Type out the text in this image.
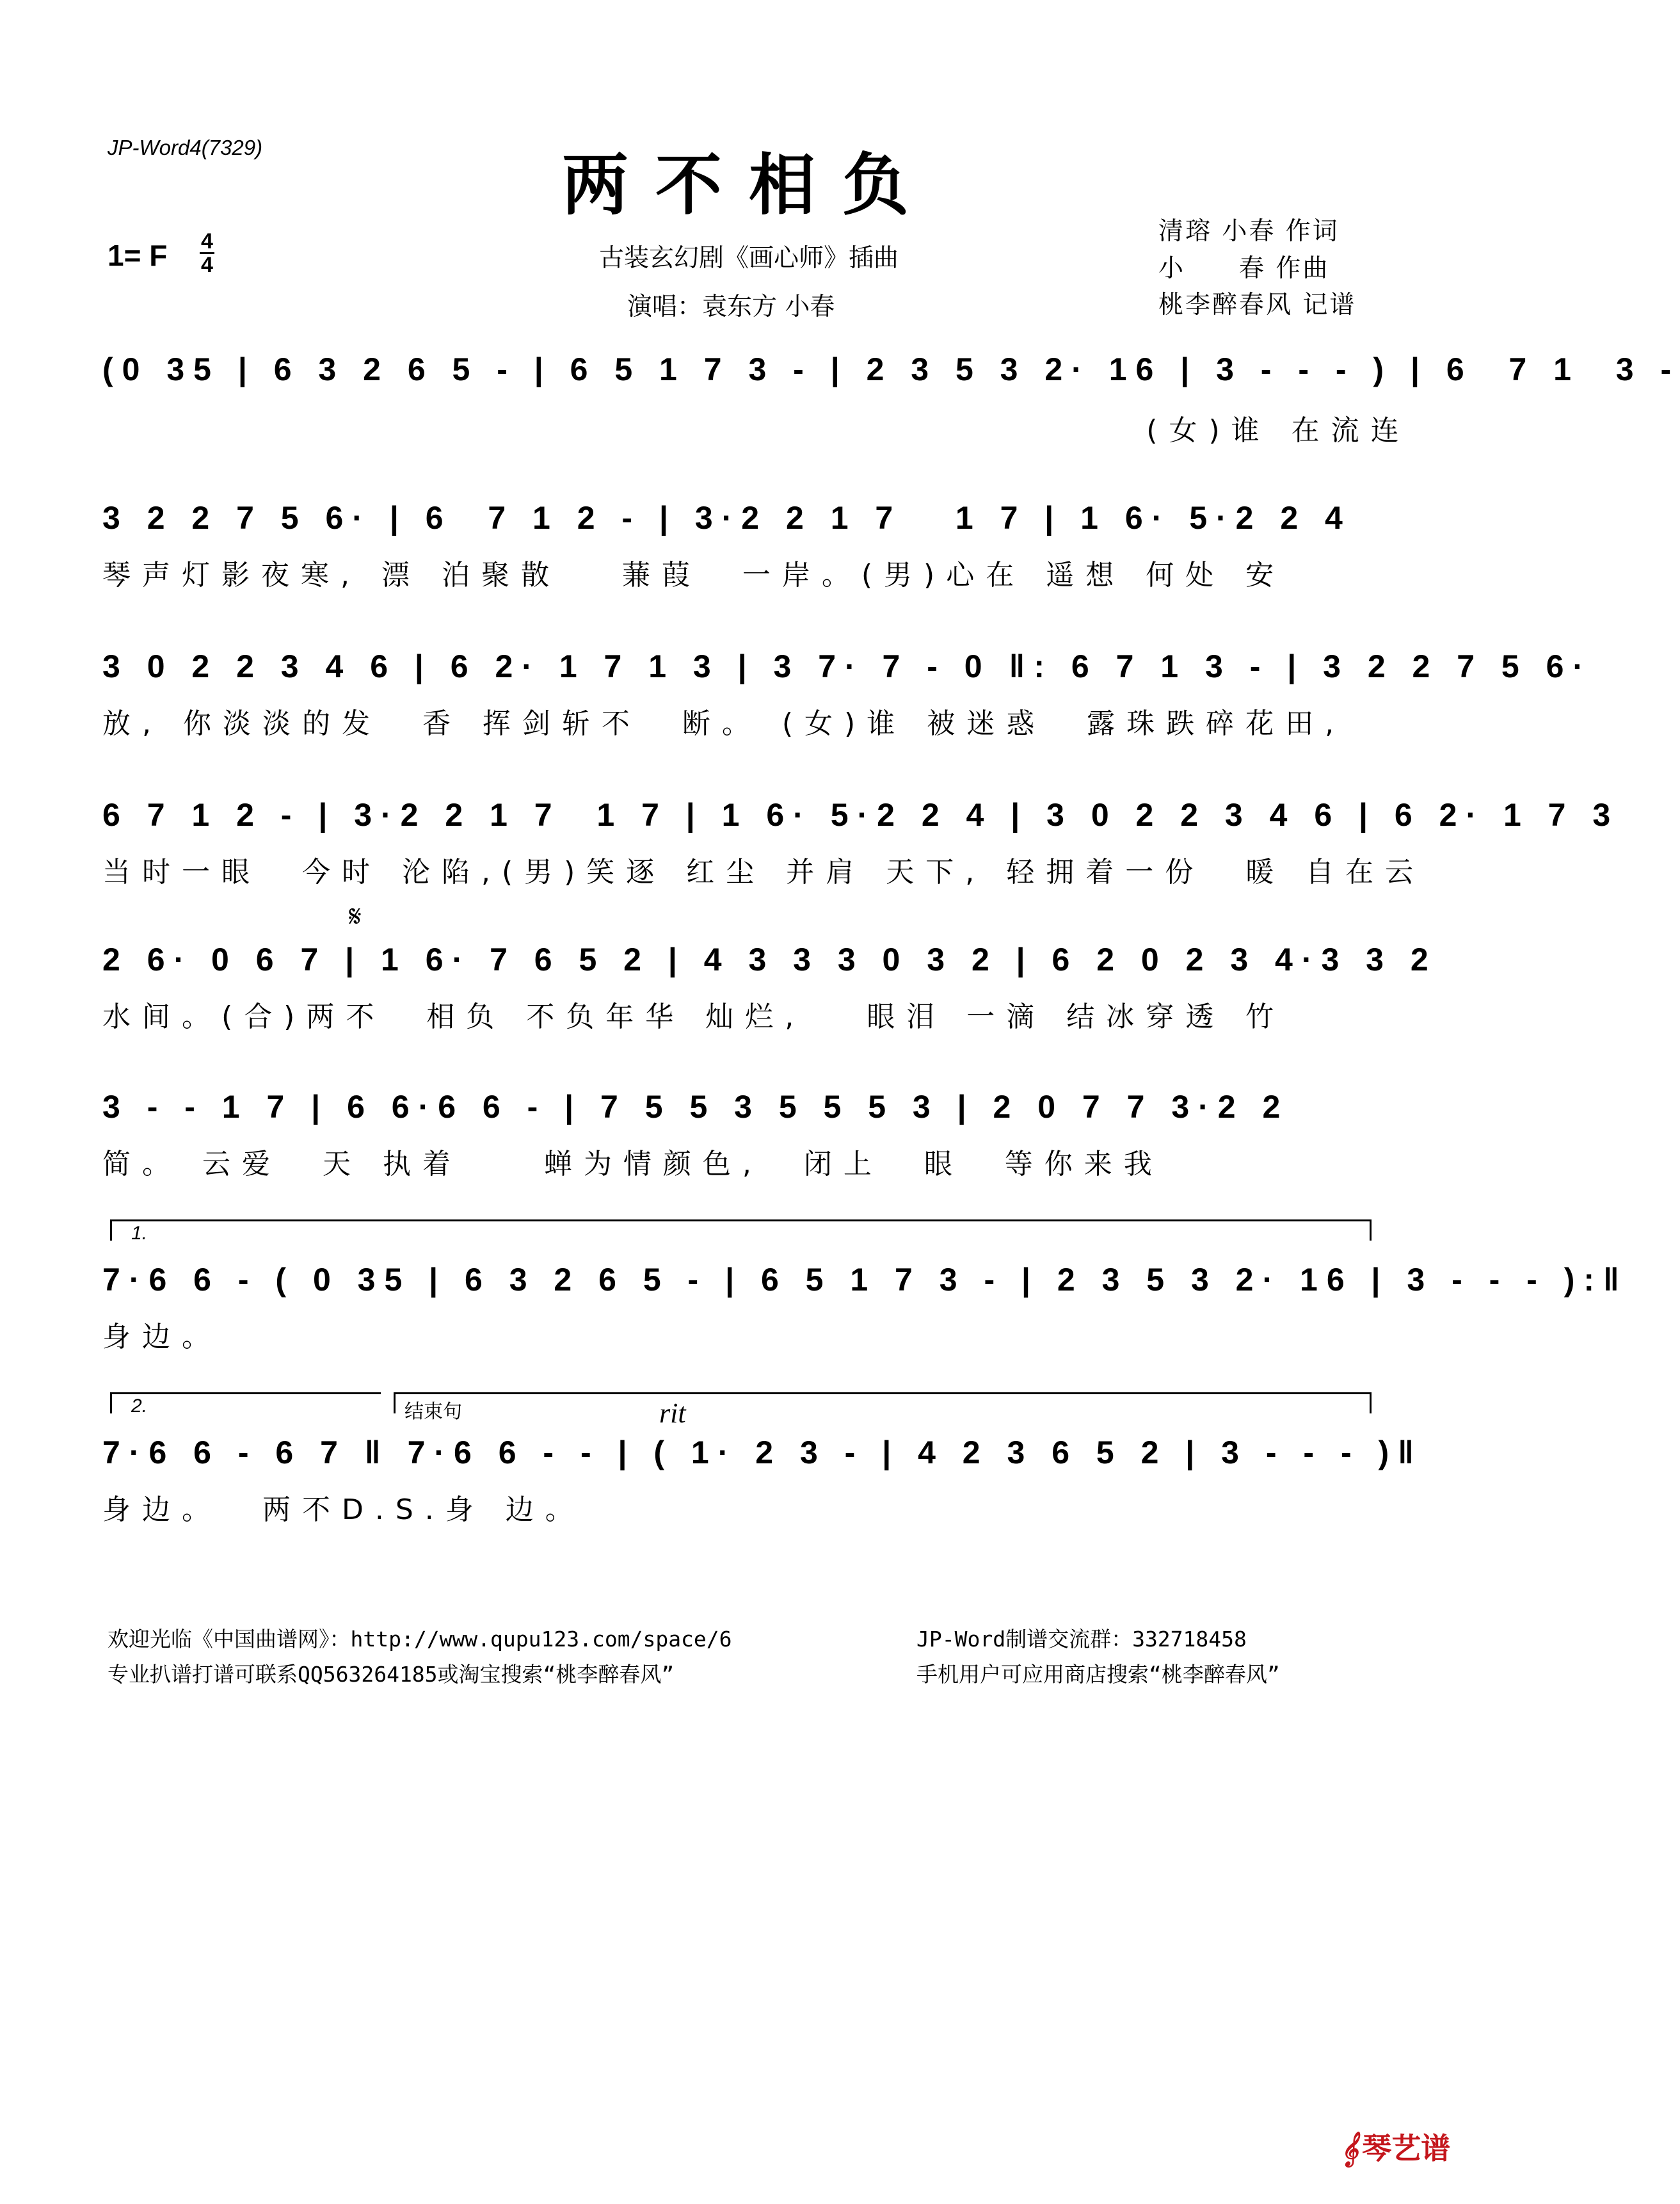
JP-Word4(7329)	两不相负
1= F $\frac{4}{4}$	古装玄幻剧《画心师》插曲
演唱：袁东方 小春
清瑢 小春 作词
小　　春 作曲
桃李醉春风 记谱
(0 35 | 6 3 2 6 5 - | 6 5 1 7 3 - | 2 3 5 3 2· 16 | 3 - - - ) | 6  7 1  3 -
(女)谁 在流连
3 2 2 7 5 6· | 6  7 1 2 - | 3·2 2 1 7   1 7 | 1 6· 5·2 2 4
琴声灯影夜寒, 漂 泊聚散   蒹葭  一岸。(男)心在 遥想 何处 安
3 0 2 2 3 4 6 | 6 2· 1 7 1 3 | 3 7· 7 - 0 ‖: 6 7 1 3 - | 3 2 2 7 5 6·
放, 你淡淡的发  香 挥剑斩不  断。 (女)谁 被迷惑  露珠跌碎花田,
6 7 1 2 - | 3·2 2 1 7  1 7 | 1 6· 5·2 2 4 | 3 0 2 2 3 4 6 | 6 2· 1 7 3
当时一眼  今时 沦陷,(男)笑逐 红尘 并肩 天下, 轻拥着一份  暖 自在云
𝄋
2 6· 0 6 7 | 1 6· 7 6 5 2 | 4 3 3 3 0 3 2 | 6 2 0 2 3 4·3 3 2
水间。(合)两不  相负 不负年华 灿烂,   眼泪 一滴 结冰穿透 竹
3 - - 1 7 | 6 6·6 6 - | 7 5 5 3 5 5 5 3 | 2 0 7 7 3·2 2
简。 云爱  天 执着    蝉为情颜色,  闭上  眼  等你来我
1.
7·6 6 - ( 0 35 | 6 3 2 6 5 - | 6 5 1 7 3 - | 2 3 5 3 2· 16 | 3 - - - ):‖
身边。
2.	结束句	rit
7·6 6 - 6 7 ‖ 7·6 6 - - | ( 1· 2 3 - | 4 2 3 6 5 2 | 3 - - - )‖
身边。  两不D.S.身 边。
欢迎光临《中国曲谱网》：http://www.qupu123.com/space/6	JP-Word制谱交流群：332718458
专业扒谱打谱可联系QQ563264185或淘宝搜索“桃李醉春风”	手机用户可应用商店搜索“桃李醉春风”
𝄞 琴艺谱
